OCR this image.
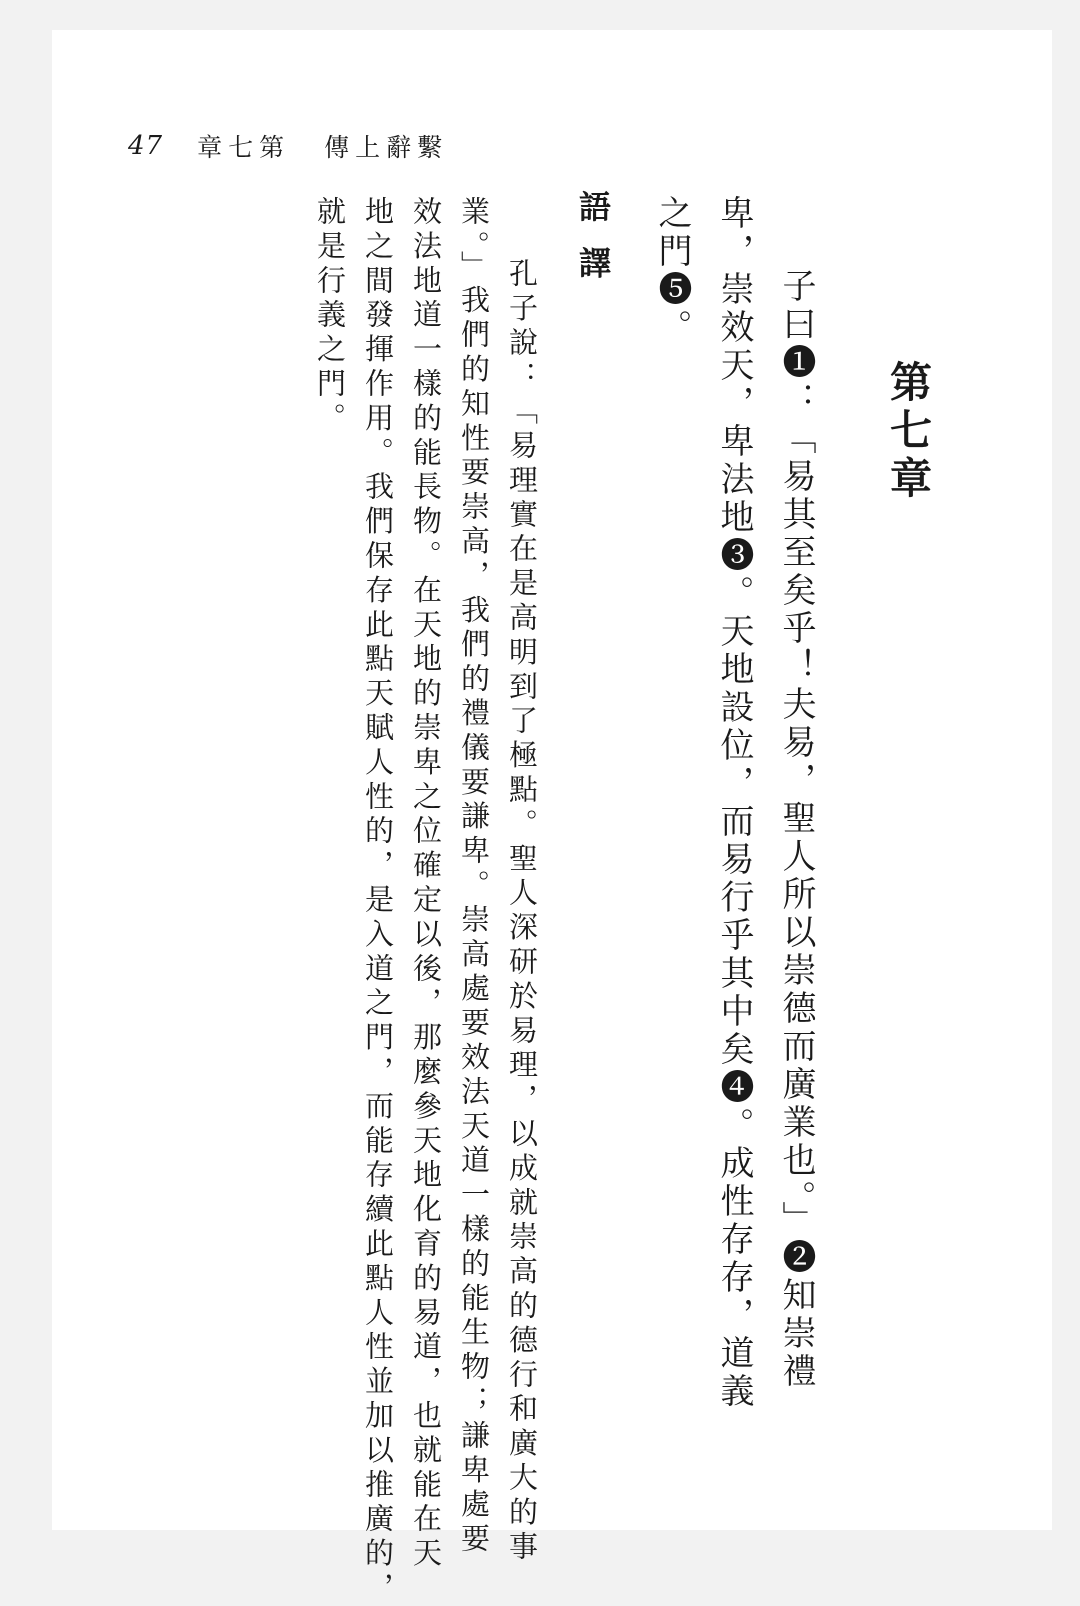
47 章七第 傳上辭繫
第七章
子曰❶：「易其至矣乎！夫易，聖人所以崇德而廣業也。」❷知崇禮
卑，崇效天，卑法地❸。天地設位，而易行乎其中矣❹。成性存存，道義
之門❺。
語譯
孔子說：「易理實在是高明到了極點。聖人深研於易理，以成就崇高的德行和廣大的事
業。」我們的知性要崇高，我們的禮儀要謙卑。崇高處要效法天道一樣的能生物；謙卑處要
效法地道一樣的能長物。在天地的崇卑之位確定以後，那麼參天地化育的易道，也就能在天
地之間發揮作用。我們保存此點天賦人性的，是入道之門，而能存續此點人性並加以推廣的，
就是行義之門。
